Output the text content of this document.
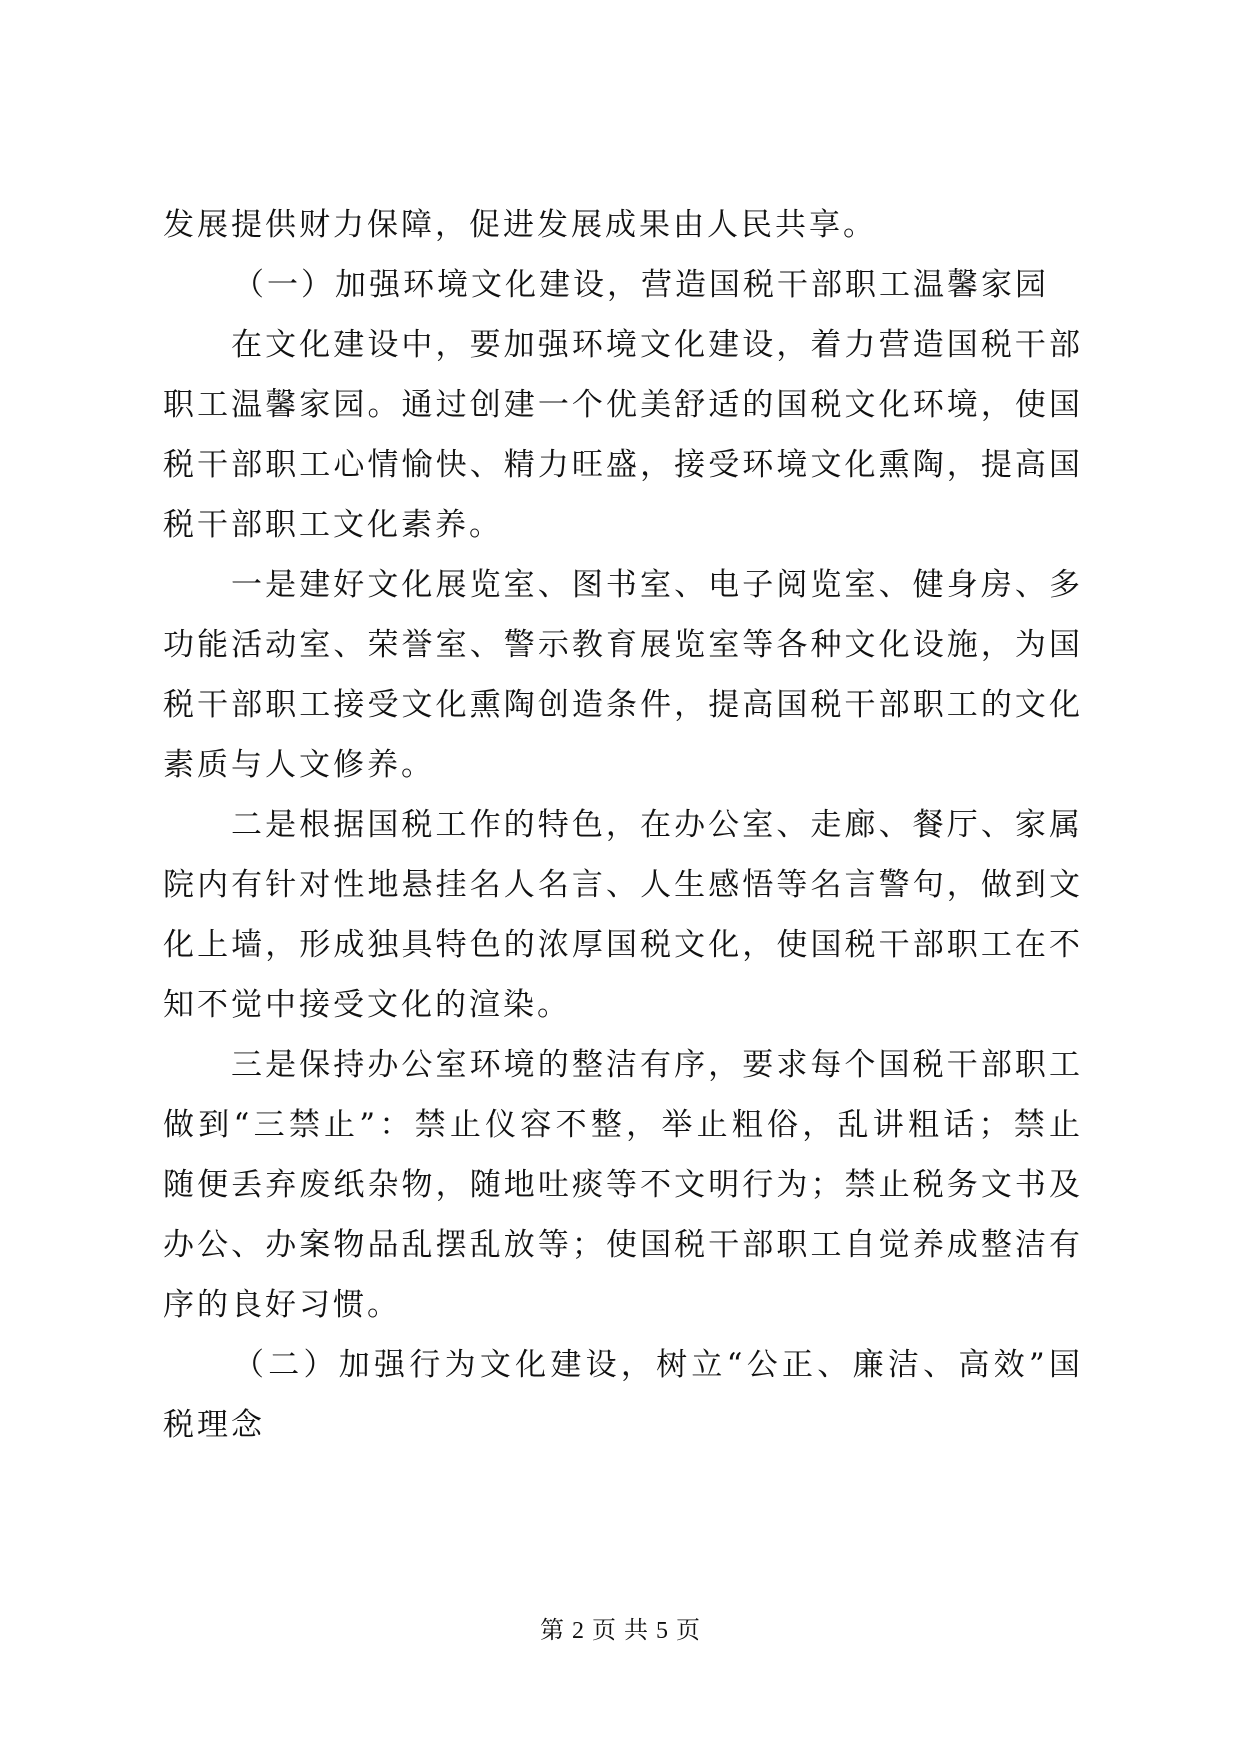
发展提供财力保障，促进发展成果由人民共享。

（一）加强环境文化建设，营造国税干部职工温馨家园

在文化建设中，要加强环境文化建设，着力营造国税干部职工温馨家园。通过创建一个优美舒适的国税文化环境，使国税干部职工心情愉快、精力旺盛，接受环境文化熏陶，提高国税干部职工文化素养。

一是建好文化展览室、图书室、电子阅览室、健身房、多功能活动室、荣誉室、警示教育展览室等各种文化设施，为国税干部职工接受文化熏陶创造条件，提高国税干部职工的文化素质与人文修养。

二是根据国税工作的特色，在办公室、走廊、餐厅、家属院内有针对性地悬挂名人名言、人生感悟等名言警句，做到文化上墙，形成独具特色的浓厚国税文化，使国税干部职工在不知不觉中接受文化的渲染。

三是保持办公室环境的整洁有序，要求每个国税干部职工做到“三禁止”：禁止仪容不整，举止粗俗，乱讲粗话；禁止随便丢弃废纸杂物，随地吐痰等不文明行为；禁止税务文书及办公、办案物品乱摆乱放等；使国税干部职工自觉养成整洁有序的良好习惯。

（二）加强行为文化建设，树立“公正、廉洁、高效”国税理念

第 2 页 共 5 页
